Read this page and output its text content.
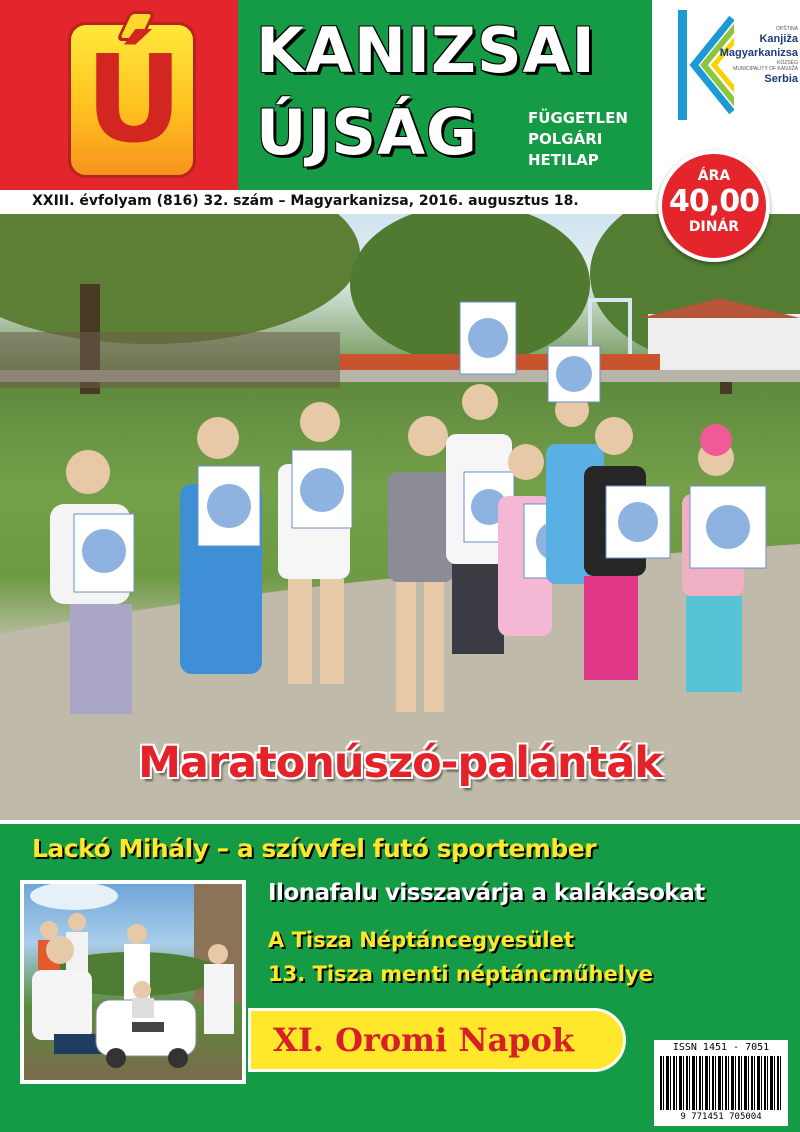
Ú KANIZSAI
ÚJSÁG	FÜGGETLEN
POLGÁRI
HETILAP
OPŠTINA
Kanjiža
Magyarkanizsa
KÖZSÉG
MUNICIPALITY OF KANJIŽA
Serbia
XXIII. évfolyam (816) 32. szám – Magyarkanizsa, 2016. augusztus 18.
Maratonúszó-palánták
ÁRA
40,00
DINÁR
Lackó Mihály – a szívvfel futó sportember
Ilonafalu visszavárja a kalákásokat
A Tisza Néptáncegyesület
13. Tisza menti néptáncműhelye
XI. Oromi Napok	ISSN 1451 - 7051
9 771451 705004
